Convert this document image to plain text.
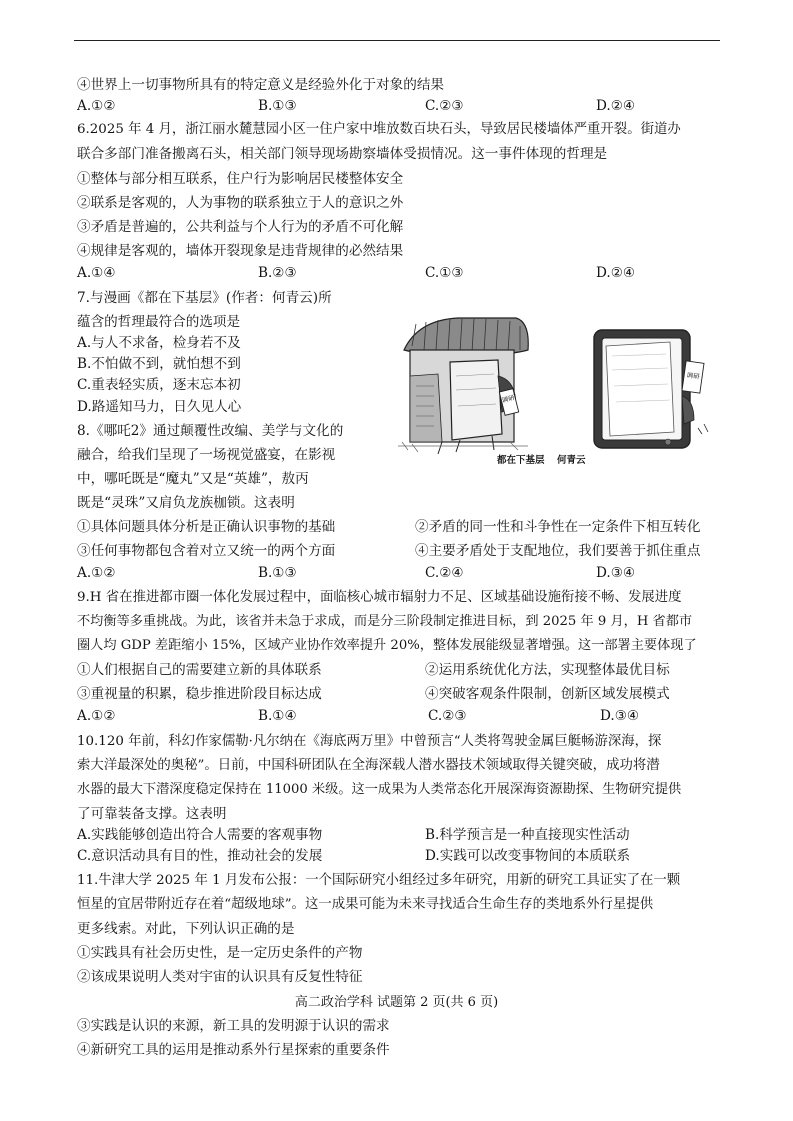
④世界上一切事物所具有的特定意义是经验外化于对象的结果
A.①②	B.①③	C.②③	D.②④
6.2025 年 4 月，浙江丽水麓慧园小区一住户家中堆放数百块石头，导致居民楼墙体严重开裂。街道办
联合多部门准备搬离石头，相关部门领导现场勘察墙体受损情况。这一事件体现的哲理是
①整体与部分相互联系，住户行为影响居民楼整体安全
②联系是客观的，人为事物的联系独立于人的意识之外
③矛盾是普遍的，公共利益与个人行为的矛盾不可化解
④规律是客观的，墙体开裂现象是违背规律的必然结果
A.①④	B.②③	C.①③	D.②④
7.与漫画《都在下基层》(作者：何青云)所
蕴含的哲理最符合的选项是
A.与人不求备，检身若不及
B.不怕做不到，就怕想不到
C.重表轻实质，逐末忘本初
D.路遥知马力，日久见人心	调研
调研
都在下基层 何青云
8.《哪吒2》通过颠覆性改编、美学与文化的
融合，给我们呈现了一场视觉盛宴，在影视
中，哪吒既是“魔丸”又是“英雄”，敖丙
既是“灵珠”又肩负龙族枷锁。这表明
①具体问题具体分析是正确认识事物的基础	②矛盾的同一性和斗争性在一定条件下相互转化
③任何事物都包含着对立又统一的两个方面	④主要矛盾处于支配地位，我们要善于抓住重点
A.①②	B.①③	C.②④	D.③④
9.H 省在推进都市圈一体化发展过程中，面临核心城市辐射力不足、区域基础设施衔接不畅、发展进度
不均衡等多重挑战。为此，该省并未急于求成，而是分三阶段制定推进目标，到 2025 年 9 月，H 省都市
圈人均 GDP 差距缩小 15%，区域产业协作效率提升 20%，整体发展能级显著增强。这一部署主要体现了
①人们根据自己的需要建立新的具体联系	②运用系统优化方法，实现整体最优目标
③重视量的积累，稳步推进阶段目标达成	④突破客观条件限制，创新区域发展模式
A.①②	B.①④	C.②③	D.③④
10.120 年前，科幻作家儒勒·凡尔纳在《海底两万里》中曾预言“人类将驾驶金属巨艇畅游深海，探
索大洋最深处的奥秘”。日前，中国科研团队在全海深载人潜水器技术领域取得关键突破，成功将潜
水器的最大下潜深度稳定保持在 11000 米级。这一成果为人类常态化开展深海资源勘探、生物研究提供
了可靠装备支撑。这表明
A.实践能够创造出符合人需要的客观事物	B.科学预言是一种直接现实性活动
C.意识活动具有目的性，推动社会的发展	D.实践可以改变事物间的本质联系
11.牛津大学 2025 年 1 月发布公报：一个国际研究小组经过多年研究，用新的研究工具证实了在一颗
恒星的宜居带附近存在着“超级地球”。这一成果可能为未来寻找适合生命生存的类地系外行星提供
更多线索。对此，下列认识正确的是
①实践具有社会历史性，是一定历史条件的产物
②该成果说明人类对宇宙的认识具有反复性特征
高二政治学科 试题第 2 页(共 6 页)
③实践是认识的来源，新工具的发明源于认识的需求
④新研究工具的运用是推动系外行星探索的重要条件
